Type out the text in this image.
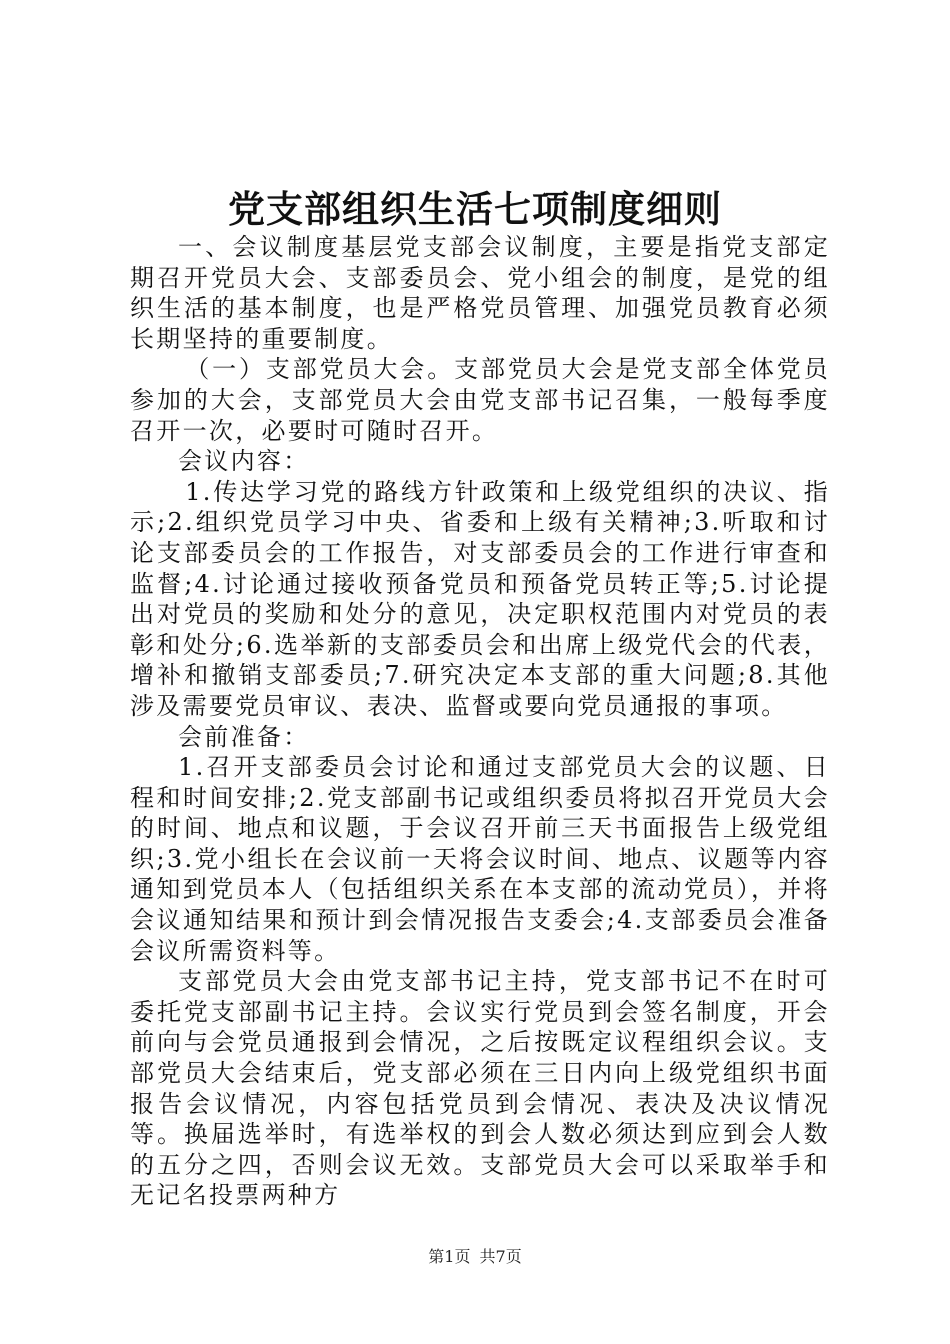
党支部组织生活七项制度细则

一、会议制度基层党支部会议制度，主要是指党支部定期召开党员大会、支部委员会、党小组会的制度，是党的组织生活的基本制度，也是严格党员管理、加强党员教育必须长期坚持的重要制度。

（一）支部党员大会。支部党员大会是党支部全体党员参加的大会，支部党员大会由党支部书记召集，一般每季度召开一次，必要时可随时召开。

会议内容：

1.传达学习党的路线方针政策和上级党组织的决议、指示;2.组织党员学习中央、省委和上级有关精神;3.听取和讨论支部委员会的工作报告，对支部委员会的工作进行审查和监督;4.讨论通过接收预备党员和预备党员转正等;5.讨论提出对党员的奖励和处分的意见，决定职权范围内对党员的表彰和处分;6.选举新的支部委员会和出席上级党代会的代表，增补和撤销支部委员;7.研究决定本支部的重大问题;8.其他涉及需要党员审议、表决、监督或要向党员通报的事项。

会前准备：

1.召开支部委员会讨论和通过支部党员大会的议题、日程和时间安排;2.党支部副书记或组织委员将拟召开党员大会的时间、地点和议题，于会议召开前三天书面报告上级党组织;3.党小组长在会议前一天将会议时间、地点、议题等内容通知到党员本人（包括组织关系在本支部的流动党员），并将会议通知结果和预计到会情况报告支委会;4.支部委员会准备会议所需资料等。

支部党员大会由党支部书记主持，党支部书记不在时可委托党支部副书记主持。会议实行党员到会签名制度，开会前向与会党员通报到会情况，之后按既定议程组织会议。支部党员大会结束后，党支部必须在三日内向上级党组织书面报告会议情况，内容包括党员到会情况、表决及决议情况等。换届选举时，有选举权的到会人数必须达到应到会人数的五分之四，否则会议无效。支部党员大会可以采取举手和无记名投票两种方

第1页 共7页
